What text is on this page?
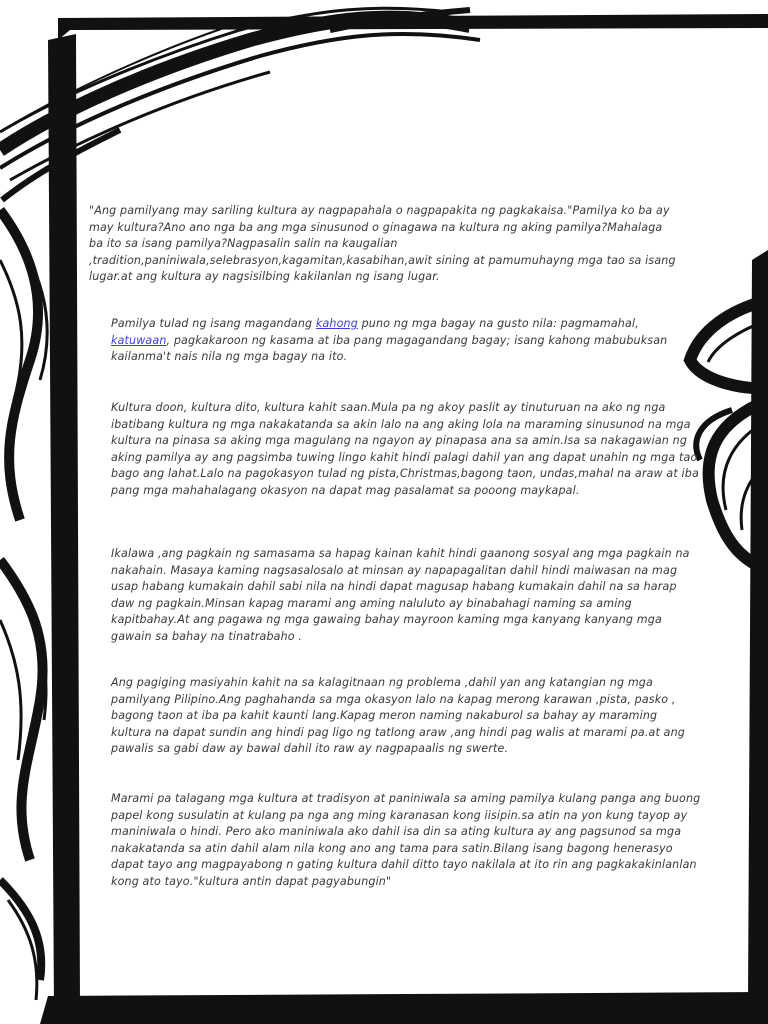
"Ang pamilyang may sariling kultura ay nagpapahala o nagpapakita ng pagkakaisa."Pamilya ko ba ay may kultura?Ano ano nga ba ang mga sinusunod o ginagawa na kultura ng aking pamilya?Mahalaga ba ito sa isang pamilya?Nagpasalin salin na kaugalian ,tradition,paniniwala,selebrasyon,kagamitan,kasabihan,awit sining at pamumuhayng mga tao sa isang lugar.at ang kultura ay nagsisilbing kakilanlan ng isang lugar.
Pamilya tulad ng isang magandang kahong puno ng mga bagay na gusto nila: pagmamahal, katuwaan, pagkakaroon ng kasama at iba pang magagandang bagay; isang kahong mabubuksan kailanma't nais nila ng mga bagay na ito.
Kultura doon, kultura dito, kultura kahit saan.Mula pa ng akoy paslit ay tinuturuan na ako ng nga ibatibang kultura ng mga nakakatanda sa akin lalo na ang aking lola na maraming sinusunod na mga kultura na pinasa sa aking mga magulang na ngayon ay pinapasa ana sa amin.Isa sa nakagawian ng aking pamilya ay ang pagsimba tuwing lingo kahit hindi palagi dahil yan ang dapat unahin ng mga tao bago ang lahat.Lalo na pagokasyon tulad ng pista,Christmas,bagong taon, undas,mahal na araw at iba pang mga mahahalagang okasyon na dapat mag pasalamat sa pooong maykapal.
Ikalawa ,ang pagkain ng samasama sa hapag kainan kahit hindi gaanong sosyal ang mga pagkain na nakahain. Masaya kaming nagsasalosalo at minsan ay napapagalitan dahil hindi maiwasan na mag usap habang kumakain dahil sabi nila na hindi dapat magusap habang kumakain dahil na sa harap daw ng pagkain.Minsan kapag marami ang aming naluluto ay binabahagi naming sa aming kapitbahay.At ang pagawa ng mga gawaing bahay mayroon kaming mga kanyang kanyang mga gawain sa bahay na tinatrabaho .
Ang pagiging masiyahin kahit na sa kalagitnaan ng problema ,dahil yan ang katangian ng mga pamilyang Pilipino.Ang paghahanda sa mga okasyon lalo na kapag merong karawan ,pista, pasko , bagong taon at iba pa kahit kaunti lang.Kapag meron naming nakaburol sa bahay ay maraming kultura na dapat sundin ang hindi pag ligo ng tatlong araw ,ang hindi pag walis at marami pa.at ang pawalis sa gabi daw ay bawal dahil ito raw ay nagpapaalis ng swerte.
Marami pa talagang mga kultura at tradisyon at paniniwala sa aming pamilya kulang panga ang buong papel kong susulatin at kulang pa nga ang ming karanasan kong iisipin.sa atin na yon kung tayop ay maniniwala o hindi. Pero ako maniniwala ako dahil isa din sa ating kultura ay ang pagsunod sa mga nakakatanda sa atin dahil alam nila kong ano ang tama para satin.Bilang isang bagong henerasyo dapat tayo ang magpayabong n gating kultura dahil ditto tayo nakilala at ito rin ang pagkakakinlanlan kong ato tayo."kultura antin dapat pagyabungin"
